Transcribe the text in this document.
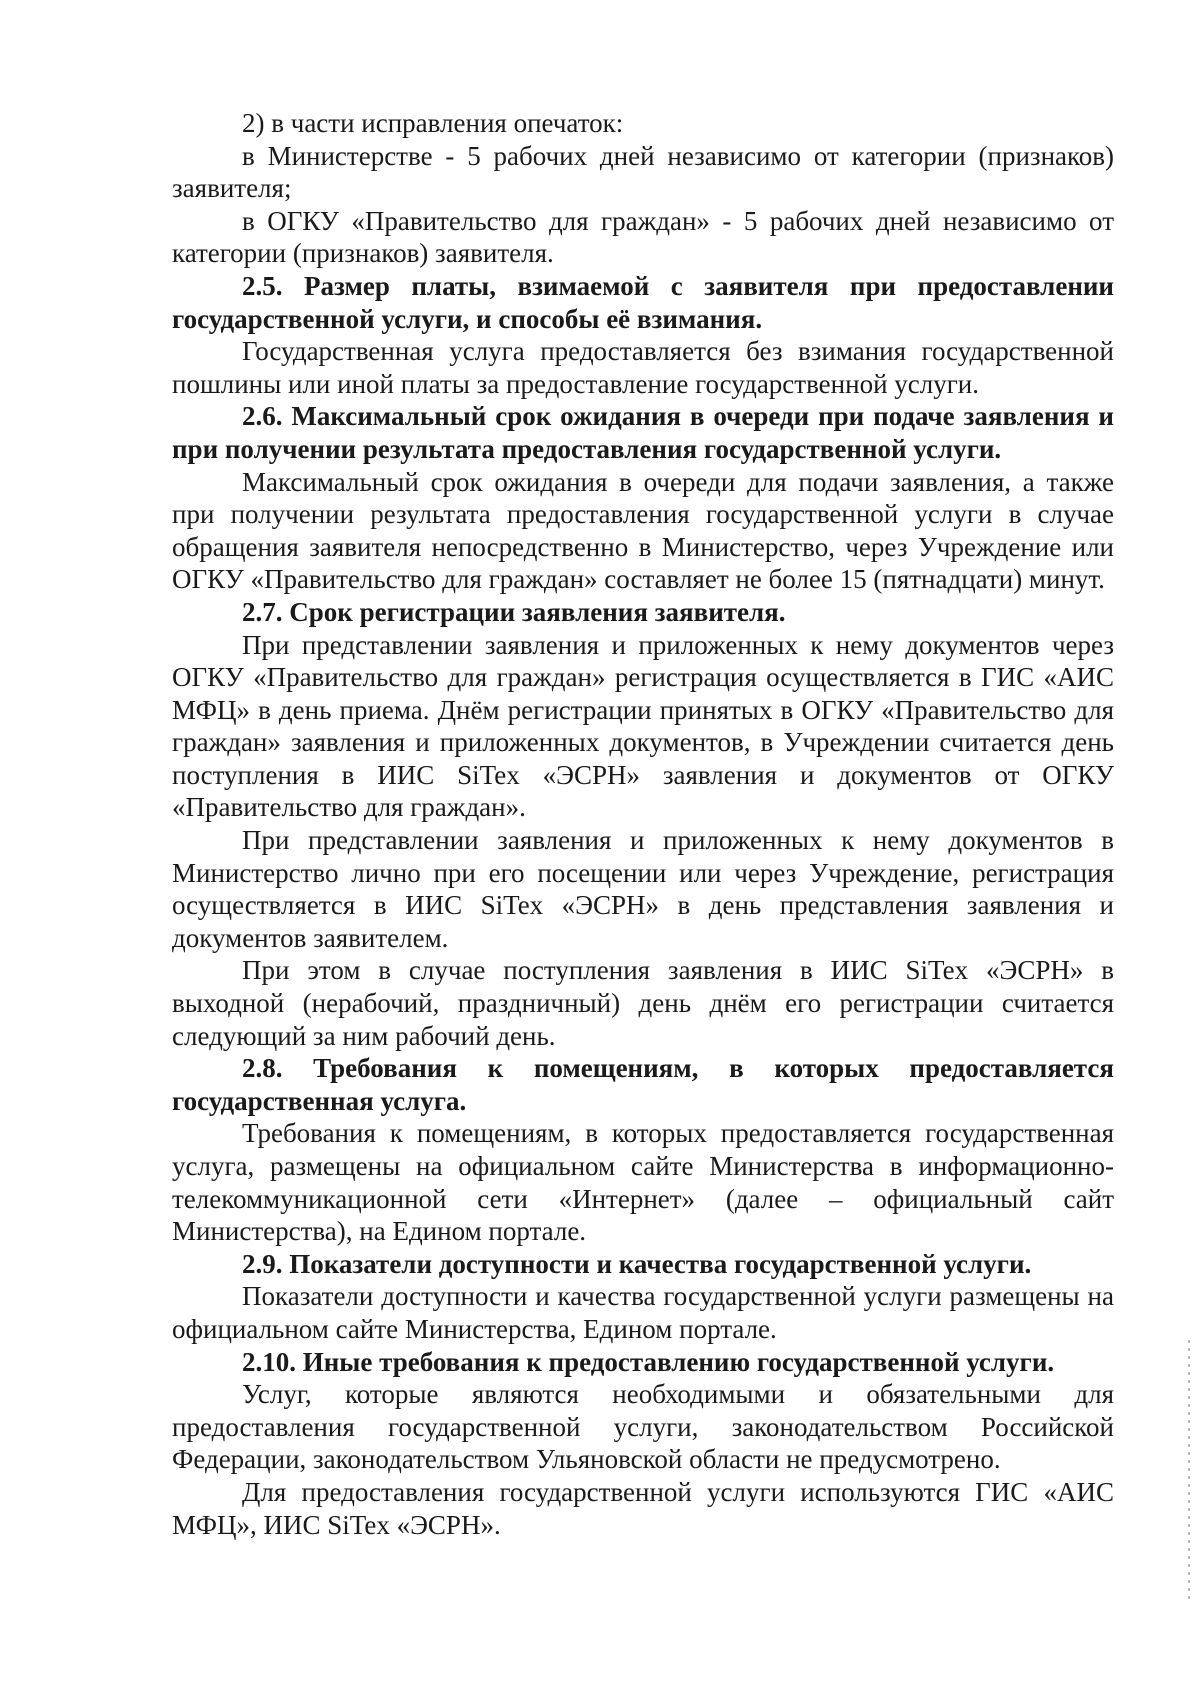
2) в части исправления опечаток:

в Министерстве - 5 рабочих дней независимо от категории (признаков) заявителя;

в ОГКУ «Правительство для граждан» - 5 рабочих дней независимо от категории (признаков) заявителя.

2.5. Размер платы, взимаемой с заявителя при предоставлении государственной услуги, и способы её взимания.

Государственная услуга предоставляется без взимания государственной пошлины или иной платы за предоставление государственной услуги.

2.6. Максимальный срок ожидания в очереди при подаче заявления и при получении результата предоставления государственной услуги.

Максимальный срок ожидания в очереди для подачи заявления, а также при получении результата предоставления государственной услуги в случае обращения заявителя непосредственно в Министерство, через Учреждение или ОГКУ «Правительство для граждан» составляет не более 15 (пятнадцати) минут.

2.7. Срок регистрации заявления заявителя.

При представлении заявления и приложенных к нему документов через ОГКУ «Правительство для граждан» регистрация осуществляется в ГИС «АИС МФЦ» в день приема. Днём регистрации принятых в ОГКУ «Правительство для граждан» заявления и приложенных документов, в Учреждении считается день поступления в ИИС SiTex «ЭСРН» заявления и документов от ОГКУ «Правительство для граждан».

При представлении заявления и приложенных к нему документов в Министерство лично при его посещении или через Учреждение, регистрация осуществляется в ИИС SiTex «ЭСРН» в день представления заявления и документов заявителем.

При этом в случае поступления заявления в ИИС SiTex «ЭСРН» в выходной (нерабочий, праздничный) день днём его регистрации считается следующий за ним рабочий день.

2.8. Требования к помещениям, в которых предоставляется государственная услуга.

Требования к помещениям, в которых предоставляется государственная услуга, размещены на официальном сайте Министерства в информационно-телекоммуникационной сети «Интернет» (далее – официальный сайт Министерства), на Едином портале.

2.9. Показатели доступности и качества государственной услуги.

Показатели доступности и качества государственной услуги размещены на официальном сайте Министерства, Едином портале.

2.10. Иные требования к предоставлению государственной услуги.

Услуг, которые являются необходимыми и обязательными для предоставления государственной услуги, законодательством Российской Федерации, законодательством Ульяновской области не предусмотрено.

Для предоставления государственной услуги используются ГИС «АИС МФЦ», ИИС SiTex «ЭСРН».
